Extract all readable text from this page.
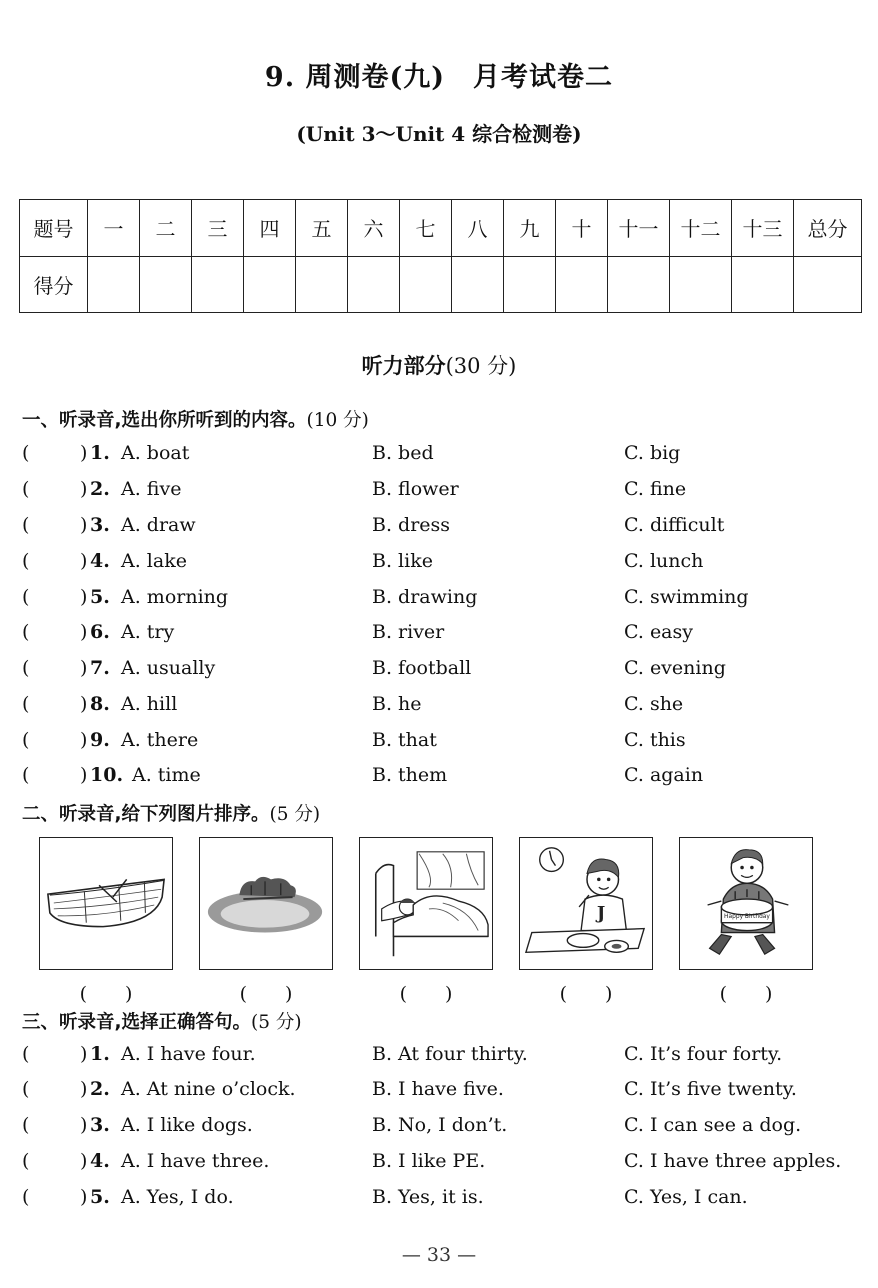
9. 周测卷(九)　月考试卷二
(Unit 3～Unit 4 综合检测卷)
题号	一	二	三	四	五	六	七	八	九	十	十一	十二	十三	总分
得分														
听力部分(30 分)
一、听录音,选出你所听到的内容。(10 分)
(	) 1. A. boat	B. bed	C. big
(	) 2. A. five	B. flower	C. fine
(	) 3. A. draw	B. dress	C. difficult
(	) 4. A. lake	B. like	C. lunch
(	) 5. A. morning	B. drawing	C. swimming
(	) 6. A. try	B. river	C. easy
(	) 7. A. usually	B. football	C. evening
(	) 8. A. hill	B. he	C. she
(	) 9. A. there	B. that	C. this
(	) 10. A. time	B. them	C. again
二、听录音,给下列图片排序。(5 分)
J	Happy Birthday
(　　)	(　　)	(　　)	(　　)	(　　)
三、听录音,选择正确答句。(5 分)
(	) 1. A. I have four.	B. At four thirty.	C. It’s four forty.
(	) 2. A. At nine o’clock.	B. I have five.	C. It’s five twenty.
(	) 3. A. I like dogs.	B. No, I don’t.	C. I can see a dog.
(	) 4. A. I have three.	B. I like PE.	C. I have three apples.
(	) 5. A. Yes, I do.	B. Yes, it is.	C. Yes, I can.
— 33 —
